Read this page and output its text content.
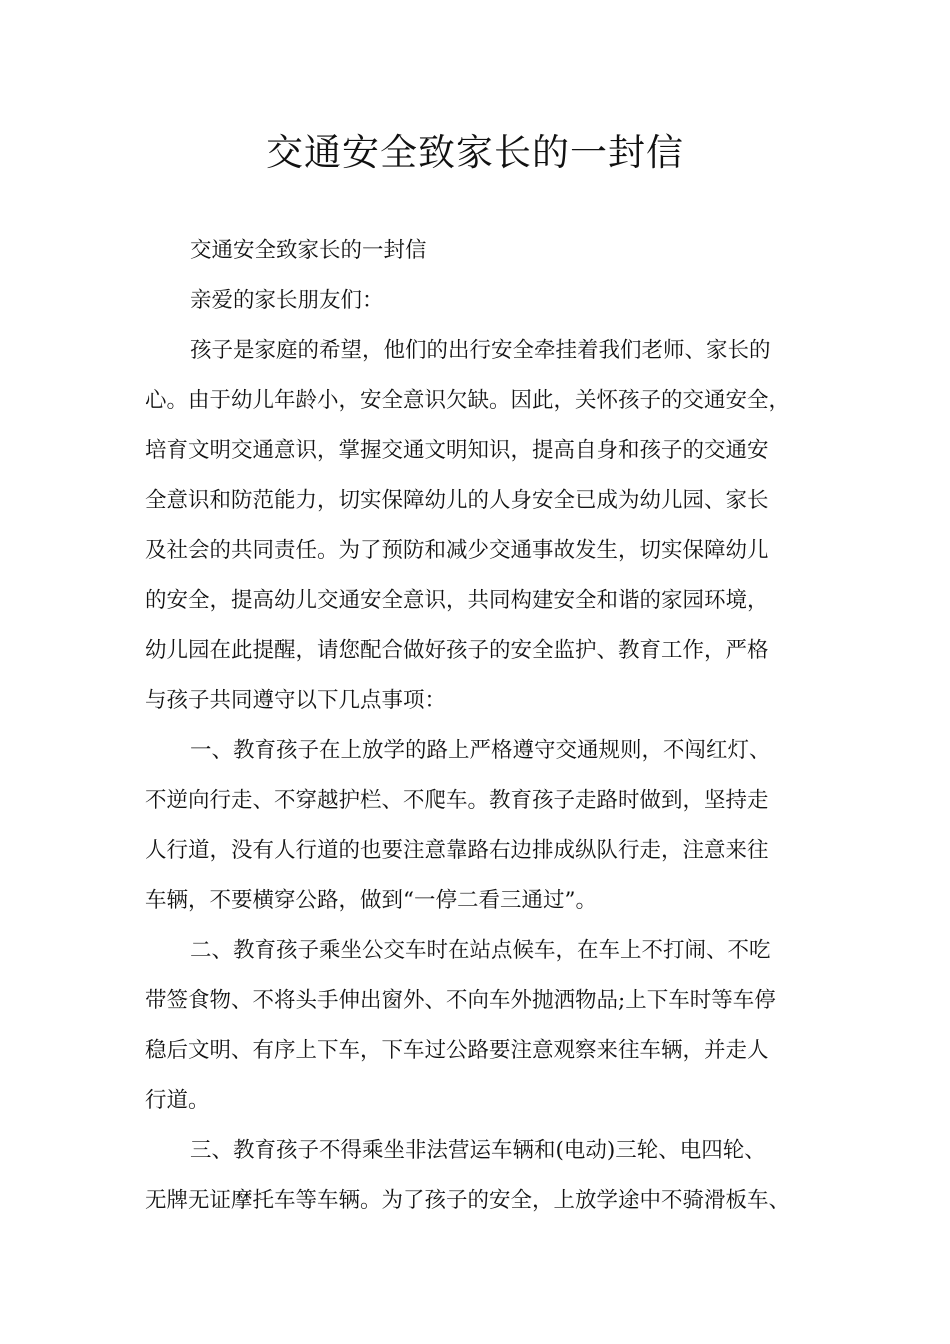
交通安全致家长的一封信
交通安全致家长的一封信
亲爱的家长朋友们：
孩子是家庭的希望，他们的出行安全牵挂着我们老师、家长的
心。由于幼儿年龄小，安全意识欠缺。因此，关怀孩子的交通安全，
培育文明交通意识，掌握交通文明知识，提高自身和孩子的交通安
全意识和防范能力，切实保障幼儿的人身安全已成为幼儿园、家长
及社会的共同责任。为了预防和减少交通事故发生，切实保障幼儿
的安全，提高幼儿交通安全意识，共同构建安全和谐的家园环境，
幼儿园在此提醒，请您配合做好孩子的安全监护、教育工作，严格
与孩子共同遵守以下几点事项：
一、教育孩子在上放学的路上严格遵守交通规则，不闯红灯、
不逆向行走、不穿越护栏、不爬车。教育孩子走路时做到，坚持走
人行道，没有人行道的也要注意靠路右边排成纵队行走，注意来往
车辆，不要横穿公路，做到“一停二看三通过”。
二、教育孩子乘坐公交车时在站点候车，在车上不打闹、不吃
带签食物、不将头手伸出窗外、不向车外抛洒物品;上下车时等车停
稳后文明、有序上下车，下车过公路要注意观察来往车辆，并走人
行道。
三、教育孩子不得乘坐非法营运车辆和(电动)三轮、电四轮、
无牌无证摩托车等车辆。为了孩子的安全，上放学途中不骑滑板车、
